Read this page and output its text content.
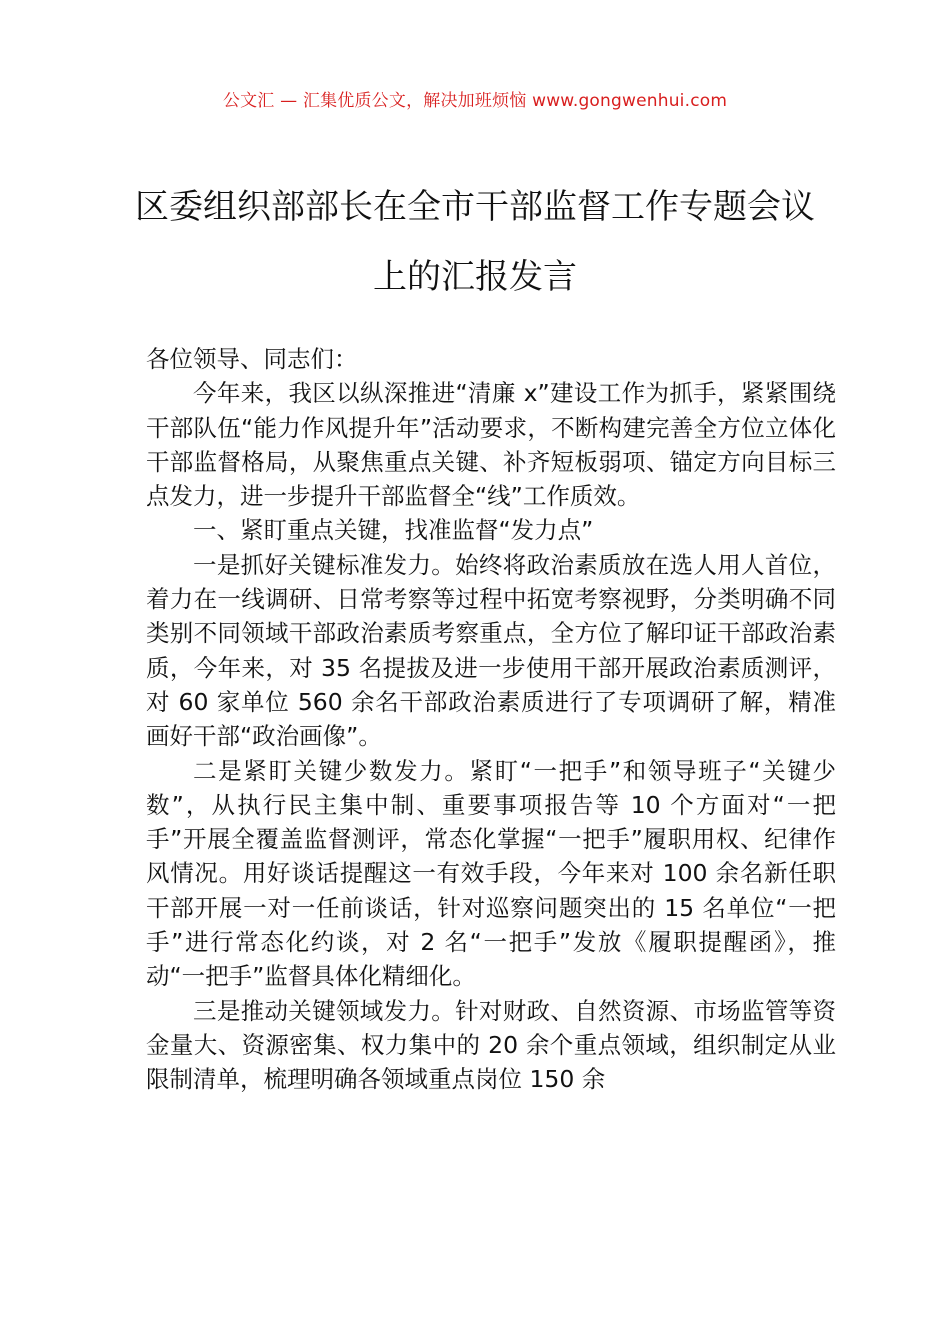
公文汇 — 汇集优质公文，解决加班烦恼 www.gongwenhui.com
区委组织部部长在全市干部监督工作专题会议上的汇报发言

各位领导、同志们：

今年来，我区以纵深推进“清廉 x”建设工作为抓手，紧紧围绕干部队伍“能力作风提升年”活动要求，不断构建完善全方位立体化干部监督格局，从聚焦重点关键、补齐短板弱项、锚定方向目标三点发力，进一步提升干部监督全“线”工作质效。

一、紧盯重点关键，找准监督“发力点”

一是抓好关键标准发力。始终将政治素质放在选人用人首位，着力在一线调研、日常考察等过程中拓宽考察视野，分类明确不同类别不同领域干部政治素质考察重点，全方位了解印证干部政治素质，今年来，对 35 名提拔及进一步使用干部开展政治素质测评，对 60 家单位 560 余名干部政治素质进行了专项调研了解，精准画好干部“政治画像”。

二是紧盯关键少数发力。紧盯“一把手”和领导班子“关键少数”，从执行民主集中制、重要事项报告等 10 个方面对“一把手”开展全覆盖监督测评，常态化掌握“一把手”履职用权、纪律作风情况。用好谈话提醒这一有效手段，今年来对 100 余名新任职干部开展一对一任前谈话，针对巡察问题突出的 15 名单位“一把手”进行常态化约谈，对 2 名“一把手”发放《履职提醒函》，推动“一把手”监督具体化精细化。

三是推动关键领域发力。针对财政、自然资源、市场监管等资金量大、资源密集、权力集中的 20 余个重点领域，组织制定从业限制清单，梳理明确各领域重点岗位 150 余
